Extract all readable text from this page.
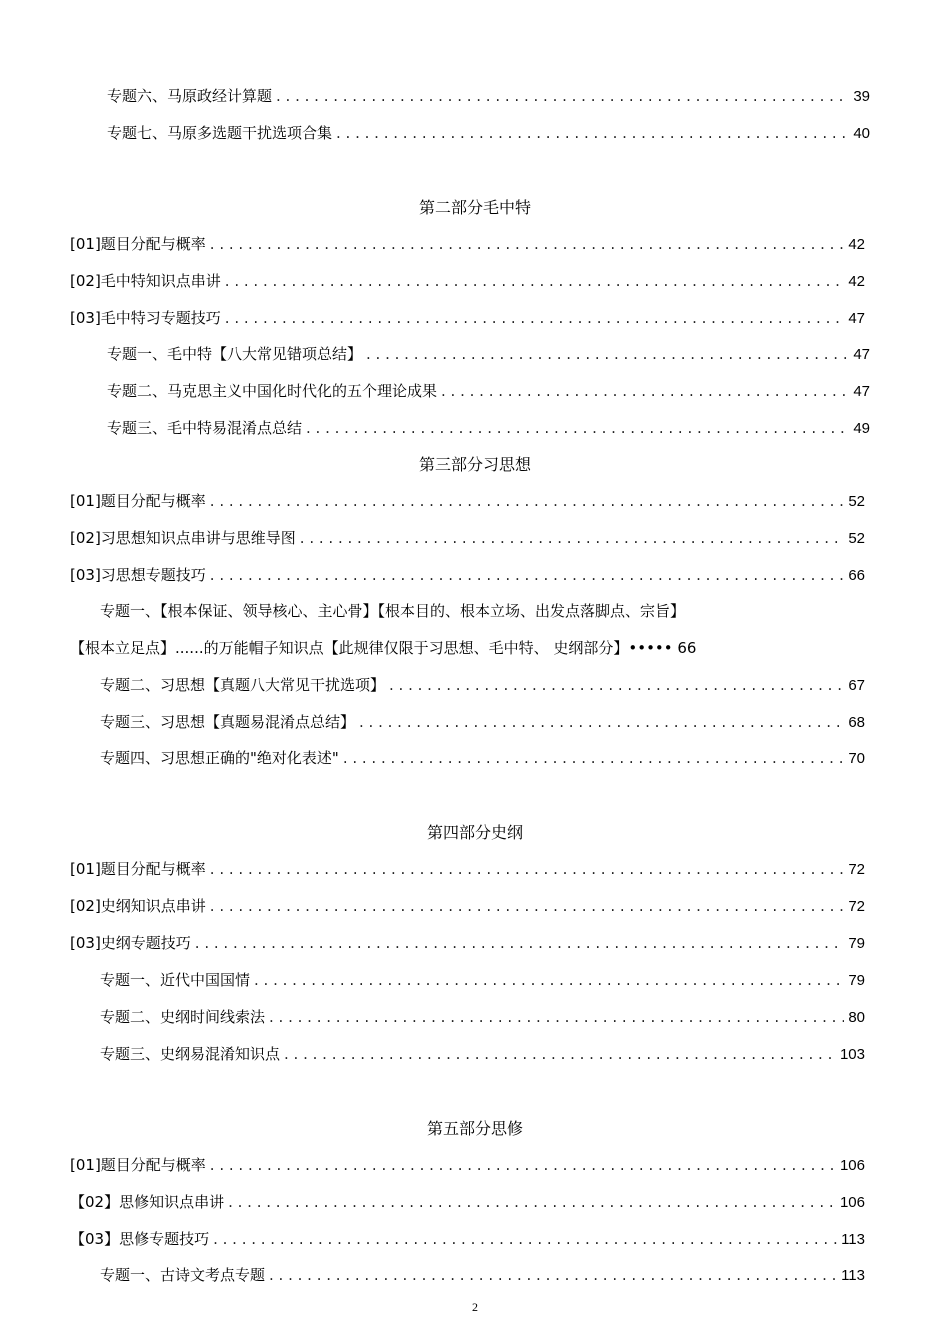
专题六、马原政经计算题 . . .	39
专题七、马原多选题干扰选项合集 . . .	40
第二部分毛中特
[01]题目分配与概率 . . .	42
[02]毛中特知识点串讲 . . .	42
[03]毛中特习专题技巧 . . .	47
专题一、毛中特【八大常见错项总结】 . . .	47
专题二、马克思主义中国化时代化的五个理论成果 . . .	47
专题三、毛中特易混淆点总结 . . .	49
第三部分习思想
[01]题目分配与概率 . . .	52
[02]习思想知识点串讲与思维导图 . . .	52
[03]习思想专题技巧 . . .	66
专题一、【根本保证、领导核心、主心骨】【根本目的、根本立场、出发点落脚点、宗旨】
【根本立足点】......的万能帽子知识点【此规律仅限于习思想、毛中特、 史纲部分】••••• 66
专题二、习思想【真题八大常见干扰选项】 . . .	67
专题三、习思想【真题易混淆点总结】 . . .	68
专题四、习思想正确的"绝对化表述" . . .	70
第四部分史纲
[01]题目分配与概率 . . .	72
[02]史纲知识点串讲 . . .	72
[03]史纲专题技巧 . . .	79
专题一、近代中国国情 . . .	79
专题二、史纲时间线索法 . . .	80
专题三、史纲易混淆知识点 . . .	103
第五部分思修
[01]题目分配与概率 . . .	106
【02】思修知识点串讲 . . .	106
【03】思修专题技巧 . . .	113
专题一、古诗文考点专题 . . .	113
2
